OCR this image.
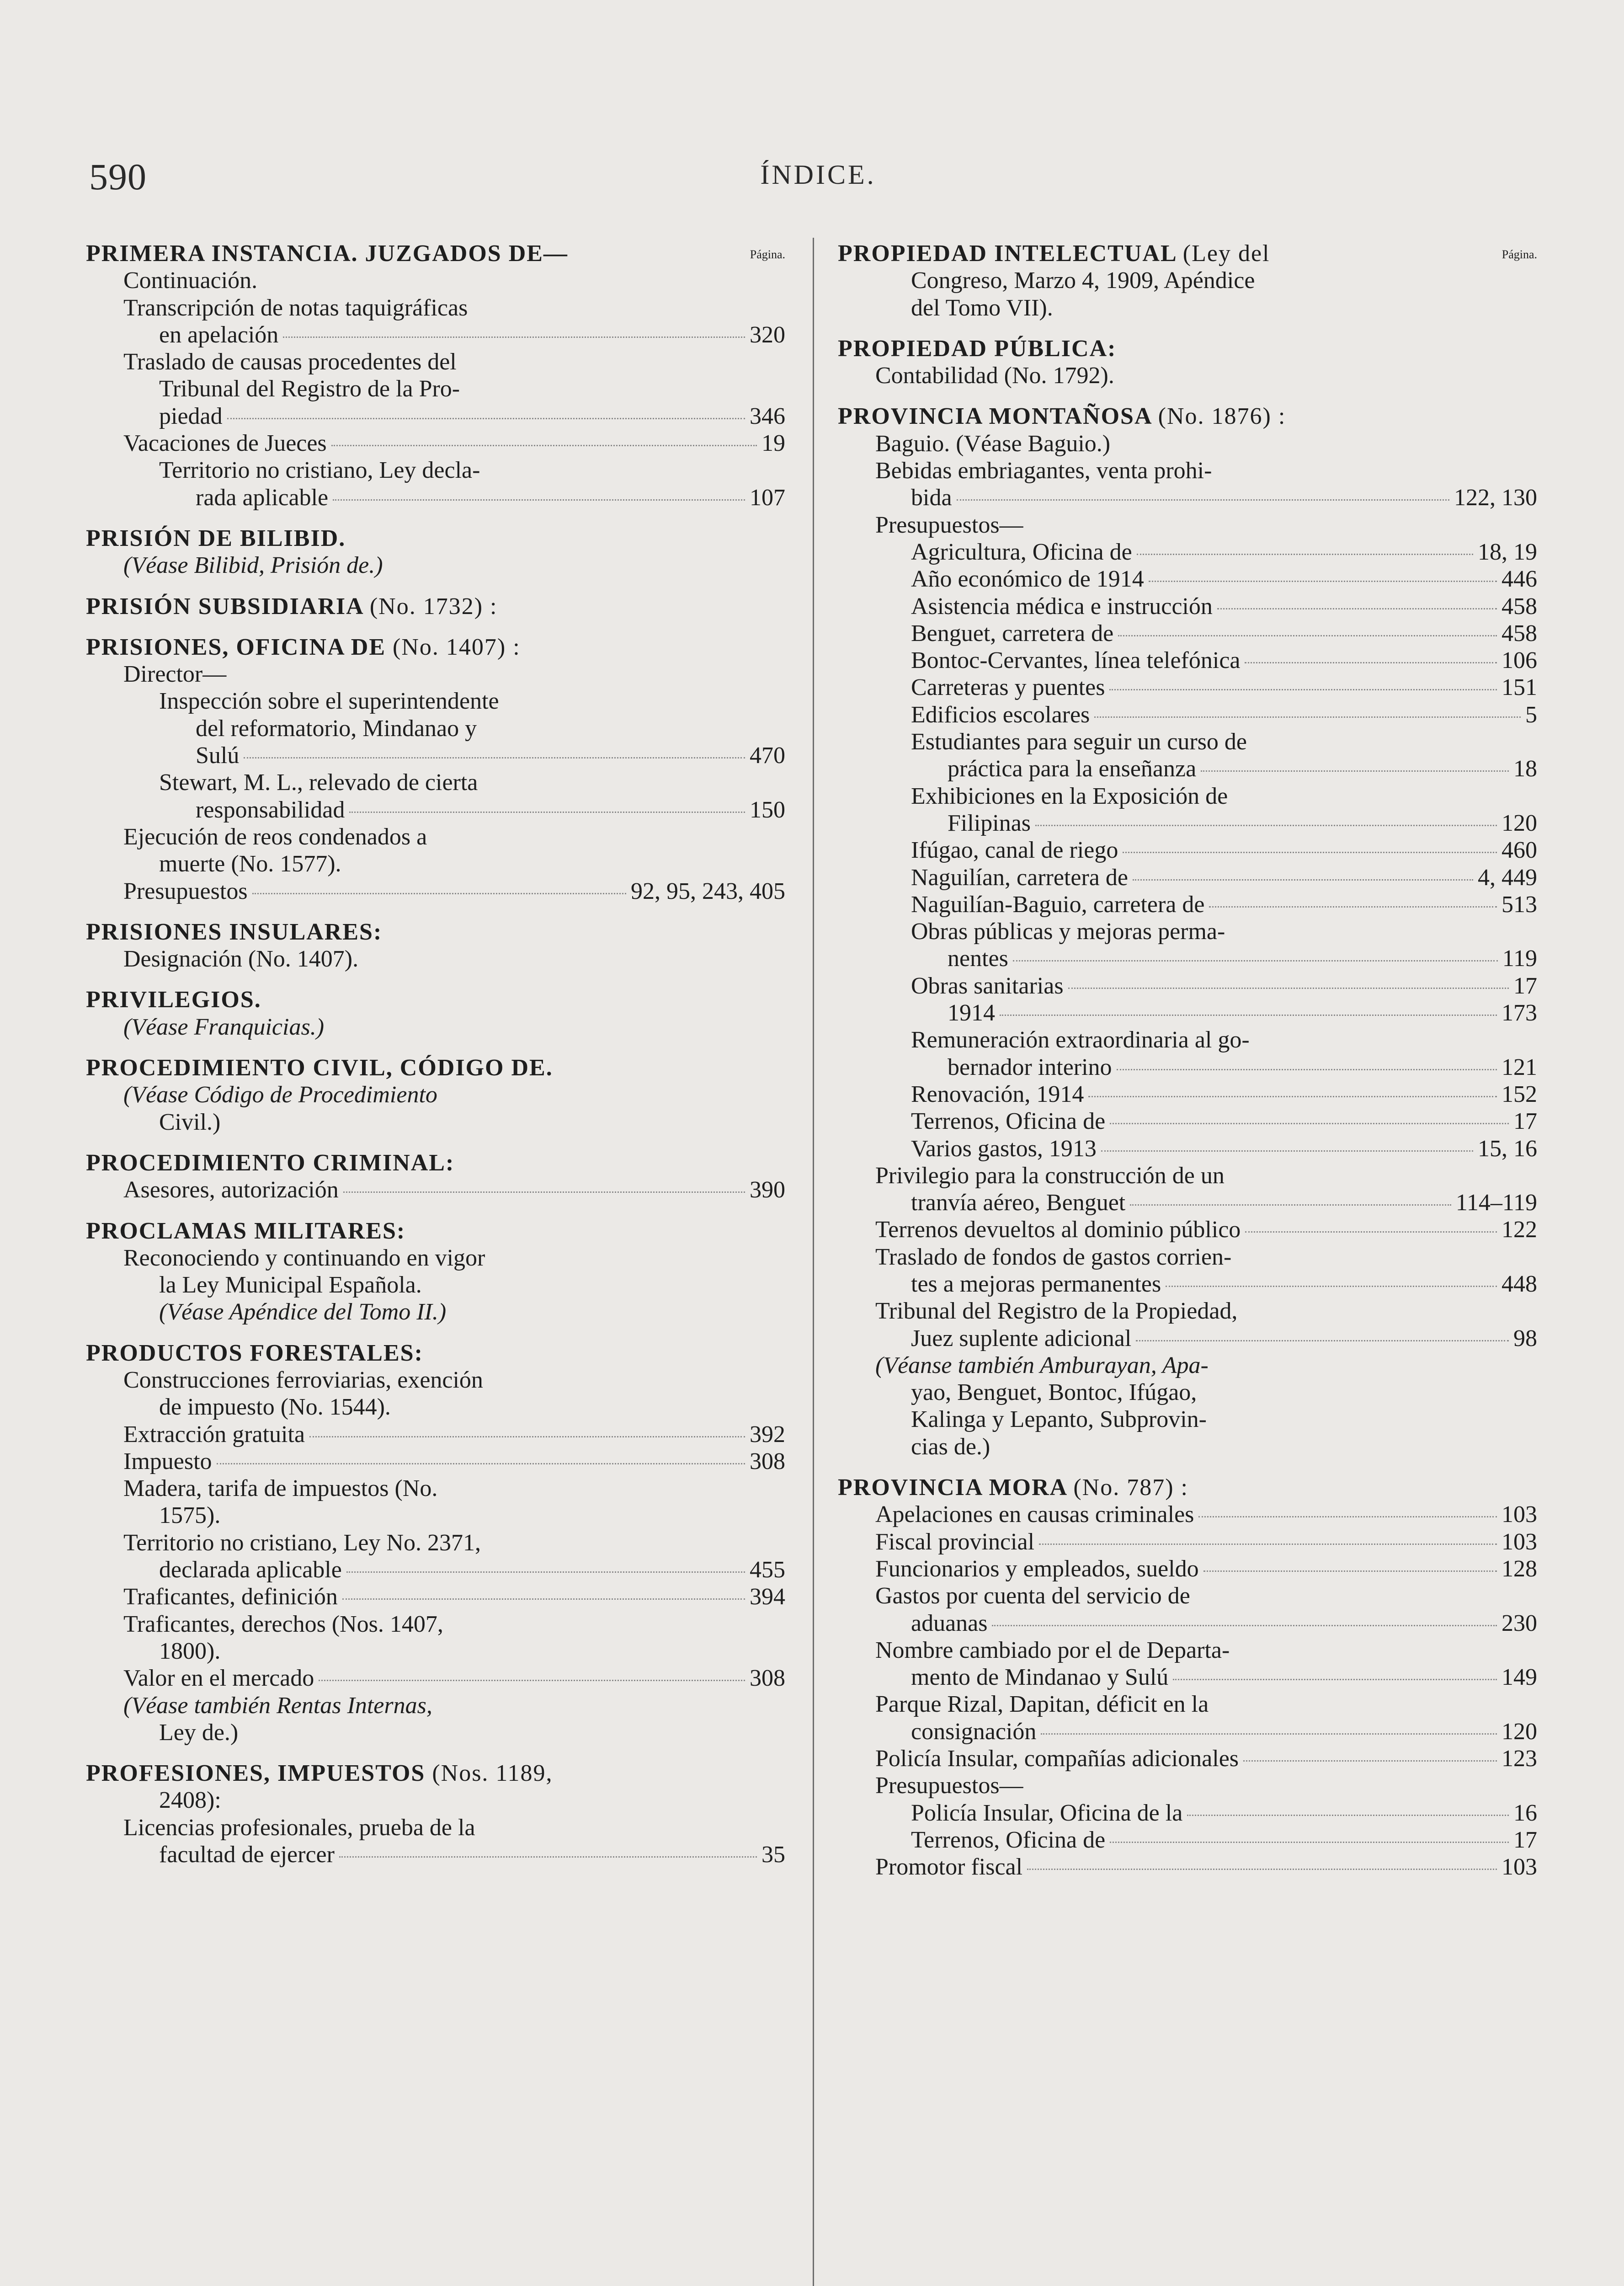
590	ÍNDICE.
PRIMERA INSTANCIA. JUZGADOS DE—	Página.
Continuación.
Transcripción de notas taquigráficas
en apelación	320
Traslado de causas procedentes del
Tribunal del Registro de la Pro-
piedad	346
Vacaciones de Jueces	19
Territorio no cristiano, Ley decla-
rada aplicable	107
PRISIÓN DE BILIBID.
(Véase Bilibid, Prisión de.)
PRISIÓN SUBSIDIARIA (No. 1732) :
PRISIONES, OFICINA DE (No. 1407) :
Director—
Inspección sobre el superintendente
del reformatorio, Mindanao y
Sulú	470
Stewart, M. L., relevado de cierta
responsabilidad	150
Ejecución de reos condenados a
muerte (No. 1577).
Presupuestos	92, 95, 243, 405
PRISIONES INSULARES:
Designación (No. 1407).
PRIVILEGIOS.
(Véase Franquicias.)
PROCEDIMIENTO CIVIL, CÓDIGO DE.
(Véase Código de Procedimiento
Civil.)
PROCEDIMIENTO CRIMINAL:
Asesores, autorización	390
PROCLAMAS MILITARES:
Reconociendo y continuando en vigor
la Ley Municipal Española.
(Véase Apéndice del Tomo II.)
PRODUCTOS FORESTALES:
Construcciones ferroviarias, exención
de impuesto (No. 1544).
Extracción gratuita	392
Impuesto	308
Madera, tarifa de impuestos (No.
1575).
Territorio no cristiano, Ley No. 2371,
declarada aplicable	455
Traficantes, definición	394
Traficantes, derechos (Nos. 1407,
1800).
Valor en el mercado	308
(Véase también Rentas Internas,
Ley de.)
PROFESIONES, IMPUESTOS (Nos. 1189,
2408):
Licencias profesionales, prueba de la
facultad de ejercer	35
PROPIEDAD INTELECTUAL (Ley del	Página.
Congreso, Marzo 4, 1909, Apéndice
del Tomo VII).
PROPIEDAD PÚBLICA:
Contabilidad (No. 1792).
PROVINCIA MONTAÑOSA (No. 1876) :
Baguio. (Véase Baguio.)
Bebidas embriagantes, venta prohi-
bida	122, 130
Presupuestos—
Agricultura, Oficina de	18, 19
Año económico de 1914	446
Asistencia médica e instrucción	458
Benguet, carretera de	458
Bontoc-Cervantes, línea telefónica	106
Carreteras y puentes	151
Edificios escolares	5
Estudiantes para seguir un curso de
práctica para la enseñanza	18
Exhibiciones en la Exposición de
Filipinas	120
Ifúgao, canal de riego	460
Naguilían, carretera de	4, 449
Naguilían-Baguio, carretera de	513
Obras públicas y mejoras perma-
nentes	119
Obras sanitarias	17
1914	173
Remuneración extraordinaria al go-
bernador interino	121
Renovación, 1914	152
Terrenos, Oficina de	17
Varios gastos, 1913	15, 16
Privilegio para la construcción de un
tranvía aéreo, Benguet	114–119
Terrenos devueltos al dominio público	122
Traslado de fondos de gastos corrien-
tes a mejoras permanentes	448
Tribunal del Registro de la Propiedad,
Juez suplente adicional	98
(Véanse también Amburayan, Apa-
yao, Benguet, Bontoc, Ifúgao,
Kalinga y Lepanto, Subprovin-
cias de.)
PROVINCIA MORA (No. 787) :
Apelaciones en causas criminales	103
Fiscal provincial	103
Funcionarios y empleados, sueldo	128
Gastos por cuenta del servicio de
aduanas	230
Nombre cambiado por el de Departa-
mento de Mindanao y Sulú	149
Parque Rizal, Dapitan, déficit en la
consignación	120
Policía Insular, compañías adicionales	123
Presupuestos—
Policía Insular, Oficina de la	16
Terrenos, Oficina de	17
Promotor fiscal	103
